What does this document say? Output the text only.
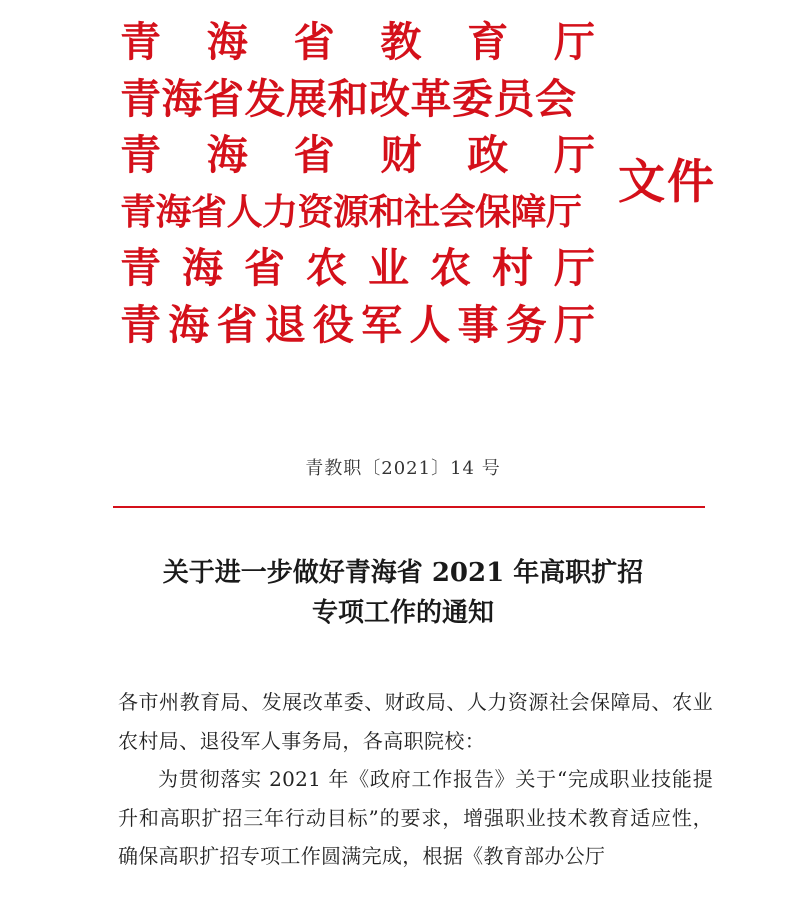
青海省教育厅
青海省发展和改革委员会
青海省财政厅
青海省人力资源和社会保障厅
青海省农业农村厅
青海省退役军人事务厅
文件
青教职〔2021〕14 号
关于进一步做好青海省 2021 年高职扩招
专项工作的通知

各市州教育局、发展改革委、财政局、人力资源社会保障局、农业农村局、退役军人事务局，各高职院校：

为贯彻落实 2021 年《政府工作报告》关于“完成职业技能提升和高职扩招三年行动目标”的要求，增强职业技术教育适应性，确保高职扩招专项工作圆满完成，根据《教育部办公厅
